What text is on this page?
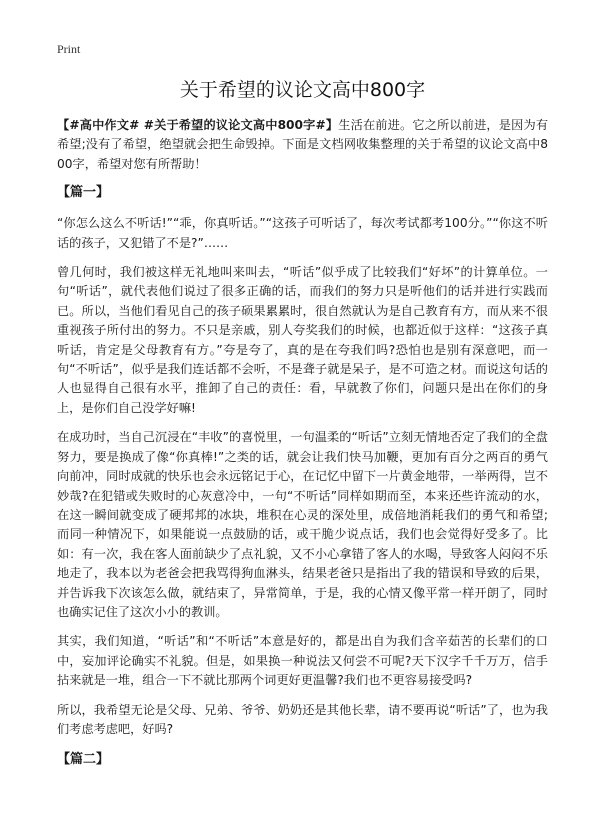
Print
关于希望的议论文高中800字

【#高中作文# #关于希望的议论文高中800字#】生活在前进。它之所以前进，是因为有希望;没有了希望，绝望就会把生命毁掉。下面是文档网收集整理的关于希望的议论文高中800字，希望对您有所帮助！

【篇一】

“你怎么这么不听话!”“乖，你真听话。”“这孩子可听话了，每次考试都考100分。”“你这不听话的孩子，又犯错了不是?”……

曾几何时，我们被这样无礼地叫来叫去，“听话”似乎成了比较我们“好坏”的计算单位。一句“听话”，就代表他们说过了很多正确的话，而我们的努力只是听他们的话并进行实践而已。所以，当他们看见自己的孩子硕果累累时，很自然就认为是自己教育有方，而从来不很重视孩子所付出的努力。不只是亲戚，别人夸奖我们的时候，也都近似于这样：“这孩子真听话，肯定是父母教育有方。”夸是夸了，真的是在夸我们吗?恐怕也是别有深意吧，而一句“不听话”，似乎是我们连话都不会听，不是聋子就是呆子，是不可造之材。而说这句话的人也显得自己很有水平，推卸了自己的责任：看，早就教了你们，问题只是出在你们的身上，是你们自己没学好嘛!

在成功时，当自己沉浸在“丰收”的喜悦里，一句温柔的“听话”立刻无情地否定了我们的全盘努力，要是换成了像“你真棒!”之类的话，就会让我们快马加鞭，更加有百分之两百的勇气向前冲，同时成就的快乐也会永远铭记于心，在记忆中留下一片黄金地带，一举两得，岂不妙哉?在犯错或失败时的心灰意冷中，一句“不听话”同样如期而至，本来还些许流动的水，在这一瞬间就变成了硬邦邦的冰块，堆积在心灵的深处里，成倍地消耗我们的勇气和希望;而同一种情况下，如果能说一点鼓励的话，或干脆少说点话，我们也会觉得好受多了。比如：有一次，我在客人面前缺少了点礼貌，又不小心拿错了客人的水喝，导致客人闷闷不乐地走了，我本以为老爸会把我骂得狗血淋头，结果老爸只是指出了我的错误和导致的后果，并告诉我下次该怎么做，就结束了，异常简单，于是，我的心情又像平常一样开朗了，同时也确实记住了这次小小的教训。

其实，我们知道，“听话”和“不听话”本意是好的，都是出自为我们含辛茹苦的长辈们的口中，妄加评论确实不礼貌。但是，如果换一种说法又何尝不可呢?天下汉字千千万万，信手拈来就是一堆，组合一下不就比那两个词更好更温馨?我们也不更容易接受吗?

所以，我希望无论是父母、兄弟、爷爷、奶奶还是其他长辈，请不要再说“听话”了，也为我们考虑考虑吧，好吗?

【篇二】
